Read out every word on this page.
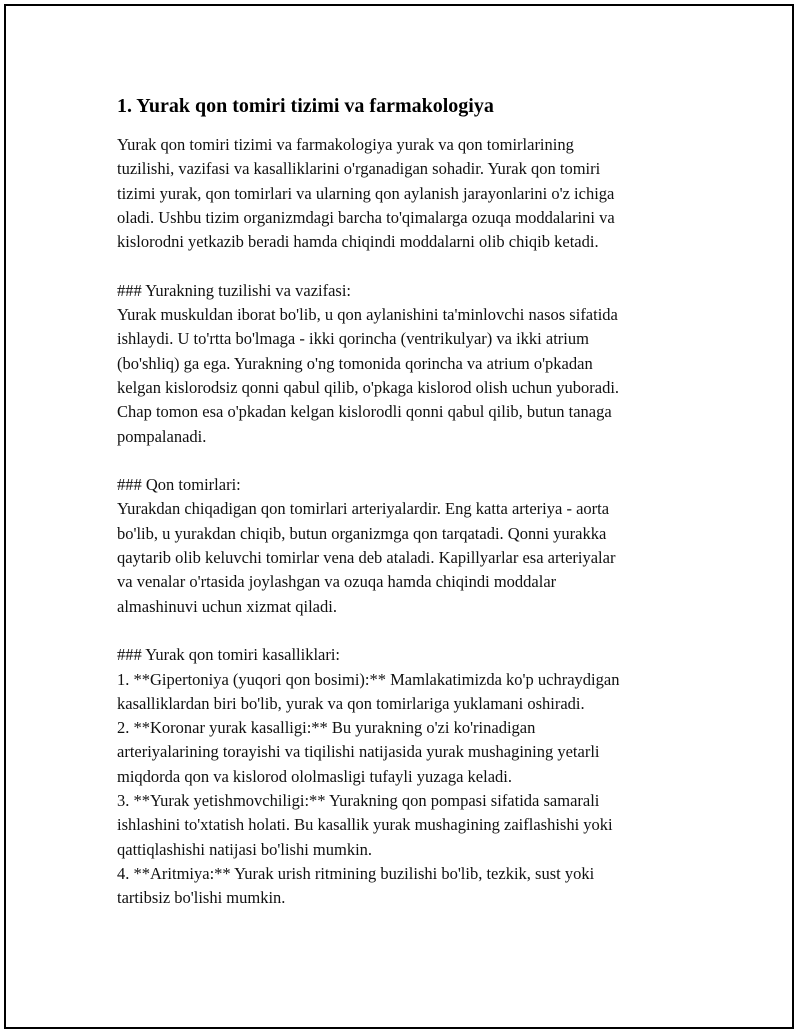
1. Yurak qon tomiri tizimi va farmakologiya
Yurak qon tomiri tizimi va farmakologiya yurak va qon tomirlarining
tuzilishi, vazifasi va kasalliklarini o'rganadigan sohadir. Yurak qon tomiri
tizimi yurak, qon tomirlari va ularning qon aylanish jarayonlarini o'z ichiga
oladi. Ushbu tizim organizmdagi barcha to'qimalarga ozuqa moddalarini va
kislorodni yetkazib beradi hamda chiqindi moddalarni olib chiqib ketadi.
### Yurakning tuzilishi va vazifasi:
Yurak muskuldan iborat bo'lib, u qon aylanishini ta'minlovchi nasos sifatida
ishlaydi. U to'rtta bo'lmaga - ikki qorincha (ventrikulyar) va ikki atrium
(bo'shliq) ga ega. Yurakning o'ng tomonida qorincha va atrium o'pkadan
kelgan kislorodsiz qonni qabul qilib, o'pkaga kislorod olish uchun yuboradi.
Chap tomon esa o'pkadan kelgan kislorodli qonni qabul qilib, butun tanaga
pompalanadi.
### Qon tomirlari:
Yurakdan chiqadigan qon tomirlari arteriyalardir. Eng katta arteriya - aorta
bo'lib, u yurakdan chiqib, butun organizmga qon tarqatadi. Qonni yurakka
qaytarib olib keluvchi tomirlar vena deb ataladi. Kapillyarlar esa arteriyalar
va venalar o'rtasida joylashgan va ozuqa hamda chiqindi moddalar
almashinuvi uchun xizmat qiladi.
### Yurak qon tomiri kasalliklari:
1. **Gipertoniya (yuqori qon bosimi):** Mamlakatimizda ko'p uchraydigan
kasalliklardan biri bo'lib, yurak va qon tomirlariga yuklamani oshiradi.
2. **Koronar yurak kasalligi:** Bu yurakning o'zi ko'rinadigan
arteriyalarining torayishi va tiqilishi natijasida yurak mushagining yetarli
miqdorda qon va kislorod ololmasligi tufayli yuzaga keladi.
3. **Yurak yetishmovchiligi:** Yurakning qon pompasi sifatida samarali
ishlashini to'xtatish holati. Bu kasallik yurak mushagining zaiflashishi yoki
qattiqlashishi natijasi bo'lishi mumkin.
4. **Aritmiya:** Yurak urish ritmining buzilishi bo'lib, tezkik, sust yoki
tartibsiz bo'lishi mumkin.
